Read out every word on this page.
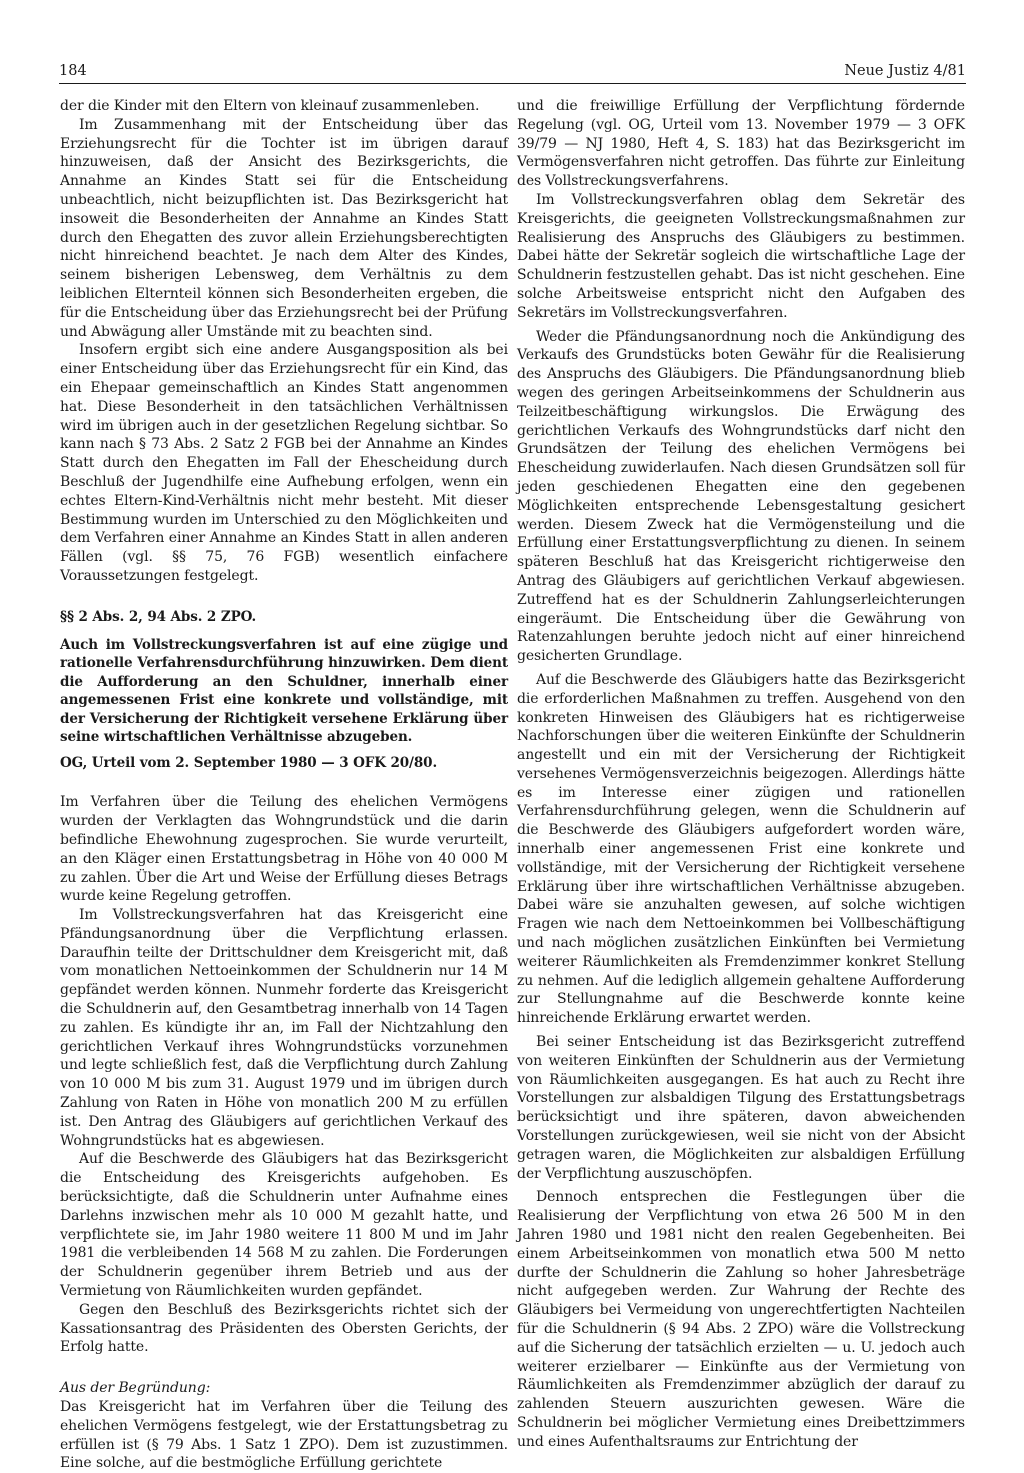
184	Neue Justiz 4/81

der die Kinder mit den Eltern von kleinauf zusammenleben.

Im Zusammenhang mit der Entscheidung über das Erziehungsrecht für die Tochter ist im übrigen darauf hinzuweisen, daß der Ansicht des Bezirksgerichts, die Annahme an Kindes Statt sei für die Entscheidung unbeachtlich, nicht beizupflichten ist. Das Bezirksgericht hat insoweit die Besonderheiten der Annahme an Kindes Statt durch den Ehegatten des zuvor allein Erziehungsberechtigten nicht hinreichend beachtet. Je nach dem Alter des Kindes, seinem bisherigen Lebensweg, dem Verhältnis zu dem leiblichen Elternteil können sich Besonderheiten ergeben, die für die Entscheidung über das Erziehungsrecht bei der Prüfung und Abwägung aller Umstände mit zu beachten sind.

Insofern ergibt sich eine andere Ausgangsposition als bei einer Entscheidung über das Erziehungsrecht für ein Kind, das ein Ehepaar gemeinschaftlich an Kindes Statt angenommen hat. Diese Besonderheit in den tatsächlichen Verhältnissen wird im übrigen auch in der gesetzlichen Regelung sichtbar. So kann nach § 73 Abs. 2 Satz 2 FGB bei der Annahme an Kindes Statt durch den Ehegatten im Fall der Ehescheidung durch Beschluß der Jugendhilfe eine Aufhebung erfolgen, wenn ein echtes Eltern-Kind-Verhältnis nicht mehr besteht. Mit dieser Bestimmung wurden im Unterschied zu den Möglichkeiten und dem Verfahren einer Annahme an Kindes Statt in allen anderen Fällen (vgl. §§ 75, 76 FGB) wesentlich einfachere Voraussetzungen festgelegt.

§§ 2 Abs. 2, 94 Abs. 2 ZPO.

Auch im Vollstreckungsverfahren ist auf eine zügige und rationelle Verfahrensdurchführung hinzuwirken. Dem dient die Aufforderung an den Schuldner, innerhalb einer angemessenen Frist eine konkrete und vollständige, mit der Versicherung der Richtigkeit versehene Erklärung über seine wirtschaftlichen Verhältnisse abzugeben.

OG, Urteil vom 2. September 1980 — 3 OFK 20/80.

Im Verfahren über die Teilung des ehelichen Vermögens wurden der Verklagten das Wohngrundstück und die darin befindliche Ehewohnung zugesprochen. Sie wurde verurteilt, an den Kläger einen Erstattungsbetrag in Höhe von 40 000 M zu zahlen. Über die Art und Weise der Erfüllung dieses Betrags wurde keine Regelung getroffen.

Im Vollstreckungsverfahren hat das Kreisgericht eine Pfändungsanordnung über die Verpflichtung erlassen. Daraufhin teilte der Drittschuldner dem Kreisgericht mit, daß vom monatlichen Nettoeinkommen der Schuldnerin nur 14 M gepfändet werden können. Nunmehr forderte das Kreisgericht die Schuldnerin auf, den Gesamtbetrag innerhalb von 14 Tagen zu zahlen. Es kündigte ihr an, im Fall der Nichtzahlung den gerichtlichen Verkauf ihres Wohngrundstücks vorzunehmen und legte schließlich fest, daß die Verpflichtung durch Zahlung von 10 000 M bis zum 31. August 1979 und im übrigen durch Zahlung von Raten in Höhe von monatlich 200 M zu erfüllen ist. Den Antrag des Gläubigers auf gerichtlichen Verkauf des Wohngrundstücks hat es abgewiesen.

Auf die Beschwerde des Gläubigers hat das Bezirksgericht die Entscheidung des Kreisgerichts aufgehoben. Es berücksichtigte, daß die Schuldnerin unter Aufnahme eines Darlehns inzwischen mehr als 10 000 M gezahlt hatte, und verpflichtete sie, im Jahr 1980 weitere 11 800 M und im Jahr 1981 die verbleibenden 14 568 M zu zahlen. Die Forderungen der Schuldnerin gegenüber ihrem Betrieb und aus der Vermietung von Räumlichkeiten wurden gepfändet.

Gegen den Beschluß des Bezirksgerichts richtet sich der Kassationsantrag des Präsidenten des Obersten Gerichts, der Erfolg hatte.

Aus der Begründung:

Das Kreisgericht hat im Verfahren über die Teilung des ehelichen Vermögens festgelegt, wie der Erstattungsbetrag zu erfüllen ist (§ 79 Abs. 1 Satz 1 ZPO). Dem ist zuzustimmen. Eine solche, auf die bestmögliche Erfüllung gerichtete

und die freiwillige Erfüllung der Verpflichtung fördernde Regelung (vgl. OG, Urteil vom 13. November 1979 — 3 OFK 39/79 — NJ 1980, Heft 4, S. 183) hat das Bezirksgericht im Vermögensverfahren nicht getroffen. Das führte zur Einleitung des Vollstreckungsverfahrens.

Im Vollstreckungsverfahren oblag dem Sekretär des Kreisgerichts, die geeigneten Vollstreckungsmaßnahmen zur Realisierung des Anspruchs des Gläubigers zu bestimmen. Dabei hätte der Sekretär sogleich die wirtschaftliche Lage der Schuldnerin festzustellen gehabt. Das ist nicht geschehen. Eine solche Arbeitsweise entspricht nicht den Aufgaben des Sekretärs im Vollstreckungsverfahren.

Weder die Pfändungsanordnung noch die Ankündigung des Verkaufs des Grundstücks boten Gewähr für die Realisierung des Anspruchs des Gläubigers. Die Pfändungsanordnung blieb wegen des geringen Arbeitseinkommens der Schuldnerin aus Teilzeitbeschäftigung wirkungslos. Die Erwägung des gerichtlichen Verkaufs des Wohngrundstücks darf nicht den Grundsätzen der Teilung des ehelichen Vermögens bei Ehescheidung zuwiderlaufen. Nach diesen Grundsätzen soll für jeden geschiedenen Ehegatten eine den gegebenen Möglichkeiten entsprechende Lebensgestaltung gesichert werden. Diesem Zweck hat die Vermögensteilung und die Erfüllung einer Erstattungsverpflichtung zu dienen. In seinem späteren Beschluß hat das Kreisgericht richtigerweise den Antrag des Gläubigers auf gerichtlichen Verkauf abgewiesen. Zutreffend hat es der Schuldnerin Zahlungserleichterungen eingeräumt. Die Entscheidung über die Gewährung von Ratenzahlungen beruhte jedoch nicht auf einer hinreichend gesicherten Grundlage.

Auf die Beschwerde des Gläubigers hatte das Bezirksgericht die erforderlichen Maßnahmen zu treffen. Ausgehend von den konkreten Hinweisen des Gläubigers hat es richtigerweise Nachforschungen über die weiteren Einkünfte der Schuldnerin angestellt und ein mit der Versicherung der Richtigkeit versehenes Vermögensverzeichnis beigezogen. Allerdings hätte es im Interesse einer zügigen und rationellen Verfahrensdurchführung gelegen, wenn die Schuldnerin auf die Beschwerde des Gläubigers aufgefordert worden wäre, innerhalb einer angemessenen Frist eine konkrete und vollständige, mit der Versicherung der Richtigkeit versehene Erklärung über ihre wirtschaftlichen Verhältnisse abzugeben. Dabei wäre sie anzuhalten gewesen, auf solche wichtigen Fragen wie nach dem Nettoeinkommen bei Vollbeschäftigung und nach möglichen zusätzlichen Einkünften bei Vermietung weiterer Räumlichkeiten als Fremdenzimmer konkret Stellung zu nehmen. Auf die lediglich allgemein gehaltene Aufforderung zur Stellungnahme auf die Beschwerde konnte keine hinreichende Erklärung erwartet werden.

Bei seiner Entscheidung ist das Bezirksgericht zutreffend von weiteren Einkünften der Schuldnerin aus der Vermietung von Räumlichkeiten ausgegangen. Es hat auch zu Recht ihre Vorstellungen zur alsbaldigen Tilgung des Erstattungsbetrags berücksichtigt und ihre späteren, davon abweichenden Vorstellungen zurückgewiesen, weil sie nicht von der Absicht getragen waren, die Möglichkeiten zur alsbaldigen Erfüllung der Verpflichtung auszuschöpfen.

Dennoch entsprechen die Festlegungen über die Realisierung der Verpflichtung von etwa 26 500 M in den Jahren 1980 und 1981 nicht den realen Gegebenheiten. Bei einem Arbeitseinkommen von monatlich etwa 500 M netto durfte der Schuldnerin die Zahlung so hoher Jahresbeträge nicht aufgegeben werden. Zur Wahrung der Rechte des Gläubigers bei Vermeidung von ungerechtfertigten Nachteilen für die Schuldnerin (§ 94 Abs. 2 ZPO) wäre die Vollstreckung auf die Sicherung der tatsächlich erzielten — u. U. jedoch auch weiterer erzielbarer — Einkünfte aus der Vermietung von Räumlichkeiten als Fremdenzimmer abzüglich der darauf zu zahlenden Steuern auszurichten gewesen. Wäre die Schuldnerin bei möglicher Vermietung eines Dreibettzimmers und eines Aufenthaltsraums zur Entrichtung der
